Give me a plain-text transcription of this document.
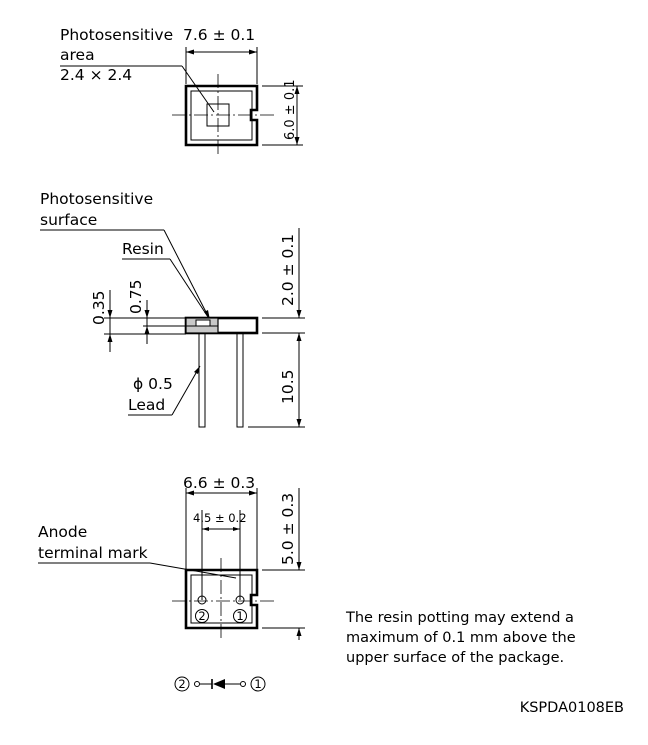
Photosensitive
area
2.4 × 2.4
7.6 ± 0.1
6.0 ± 0.1
Photosensitive
surface
Resin
0.35 0.75	2.0 ± 0.1
10.5
ϕ 0.5
Lead
6.6 ± 0.3
4.5 ± 0.2
Anode
terminal mark
2	1
5.0 ± 0.3
2	1
The resin potting may extend a
maximum of 0.1 mm above the
upper surface of the package.
KSPDA0108EB
